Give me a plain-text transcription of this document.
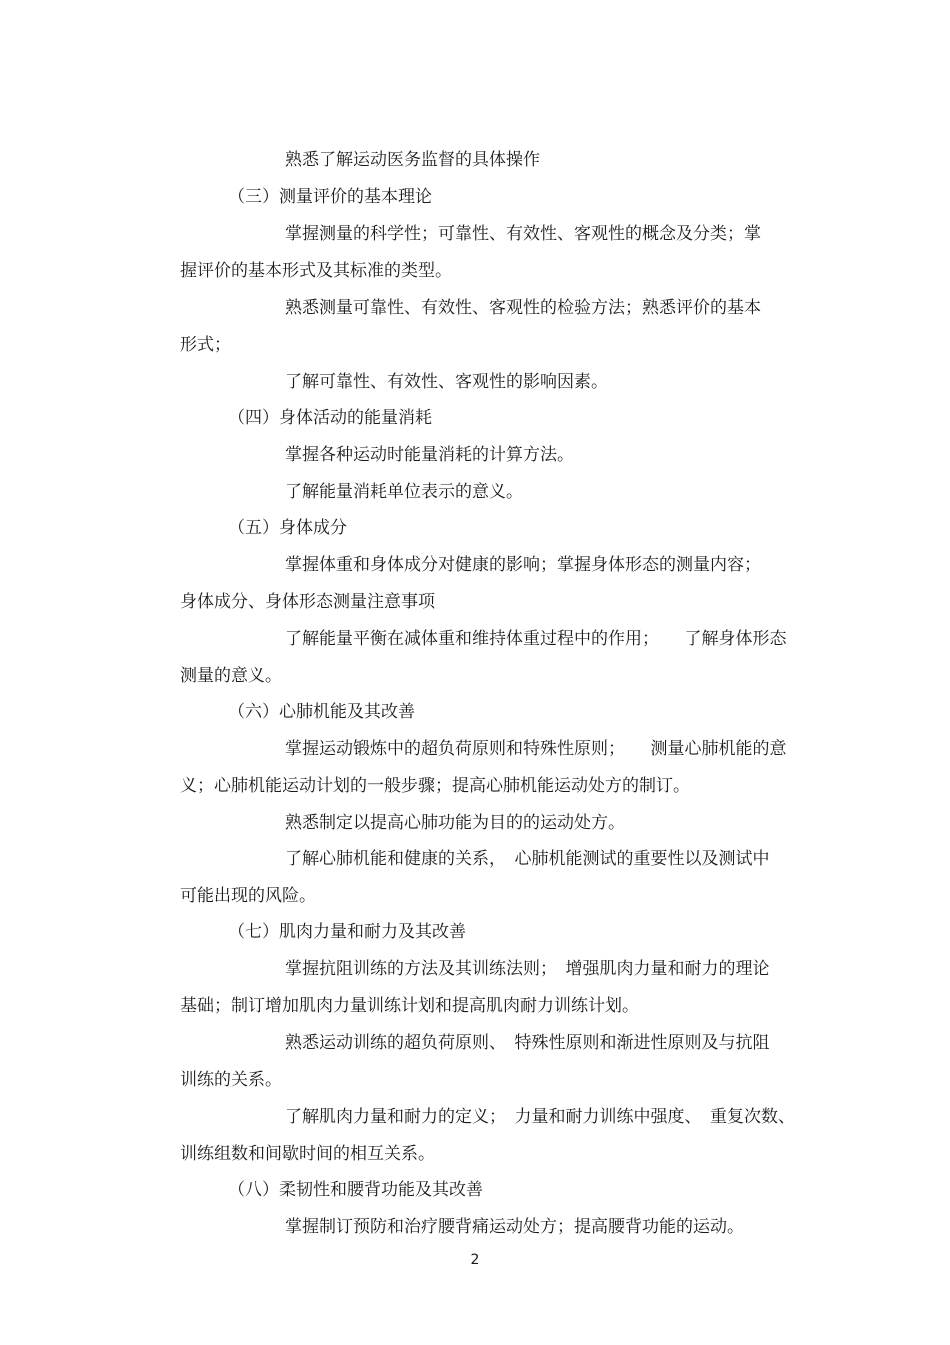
熟悉了解运动医务监督的具体操作
（三）测量评价的基本理论
掌握测量的科学性；可靠性、有效性、客观性的概念及分类；掌
握评价的基本形式及其标准的类型。
熟悉测量可靠性、有效性、客观性的检验方法；熟悉评价的基本
形式；
了解可靠性、有效性、客观性的影响因素。
（四）身体活动的能量消耗
掌握各种运动时能量消耗的计算方法。
了解能量消耗单位表示的意义。
（五）身体成分
掌握体重和身体成分对健康的影响；掌握身体形态的测量内容；
身体成分、身体形态测量注意事项
了解能量平衡在减体重和维持体重过程中的作用；　　了解身体形态
测量的意义。
（六）心肺机能及其改善
掌握运动锻炼中的超负荷原则和特殊性原则；　　测量心肺机能的意
义；心肺机能运动计划的一般步骤；提高心肺机能运动处方的制订。
熟悉制定以提高心肺功能为目的的运动处方。
了解心肺机能和健康的关系，　心肺机能测试的重要性以及测试中
可能出现的风险。
（七）肌肉力量和耐力及其改善
掌握抗阻训练的方法及其训练法则；　增强肌肉力量和耐力的理论
基础；制订增加肌肉力量训练计划和提高肌肉耐力训练计划。
熟悉运动训练的超负荷原则、　特殊性原则和渐进性原则及与抗阻
训练的关系。
了解肌肉力量和耐力的定义；　力量和耐力训练中强度、　重复次数、
训练组数和间歇时间的相互关系。
（八）柔韧性和腰背功能及其改善
掌握制订预防和治疗腰背痛运动处方；提高腰背功能的运动。
2
